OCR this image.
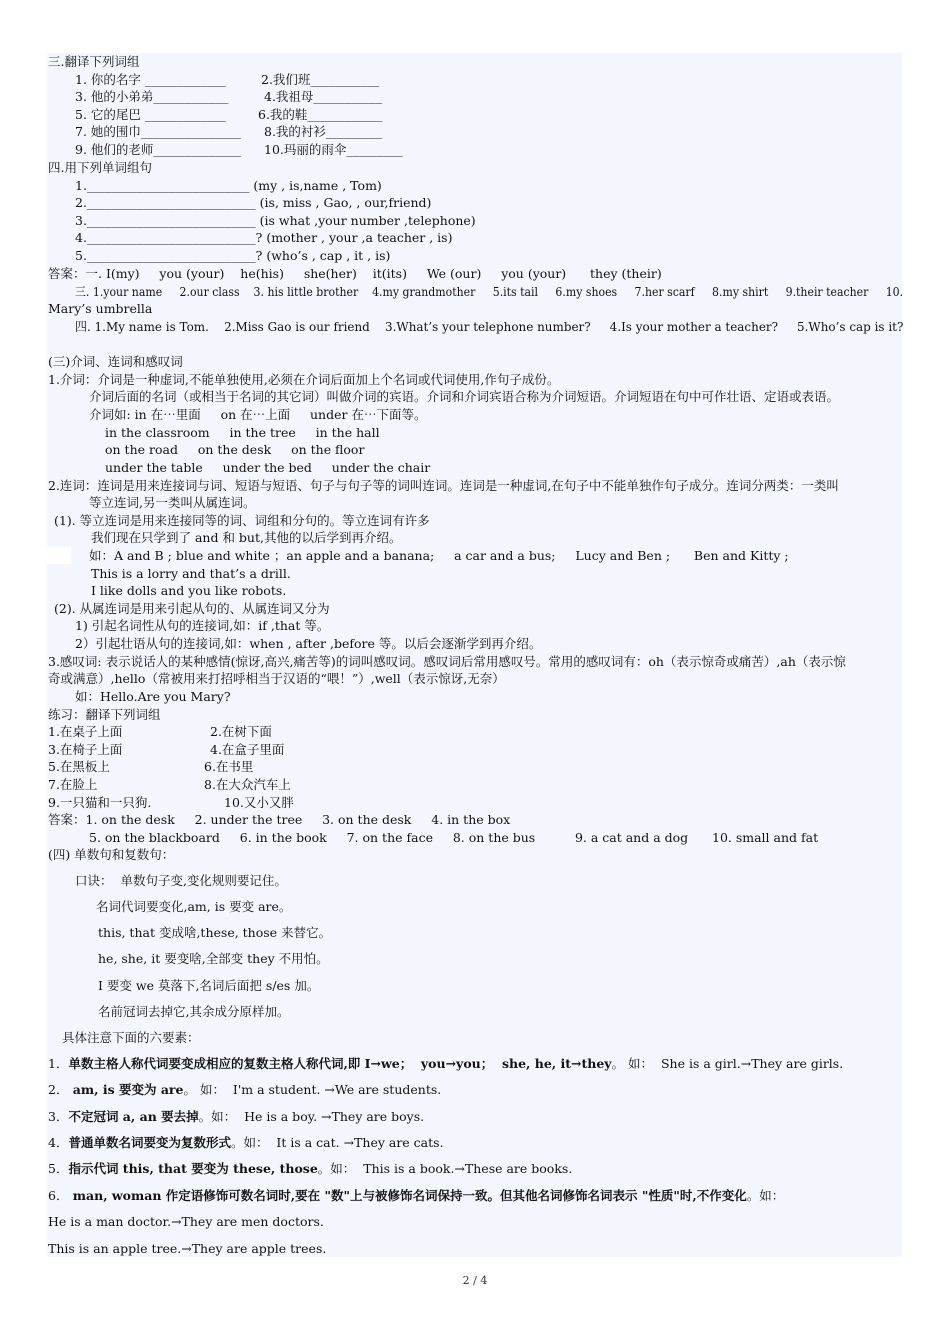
三.翻译下列词组
1. 你的名字 _____________	2.我们班___________
3. 他的小弟弟____________	4.我祖母___________
5. 它的尾巴 _____________	6.我的鞋____________
7. 她的围巾________________ 8.我的衬衫_________
9. 他们的老师______________ 10.玛丽的雨伞_________
四.用下列单词组句
1.__________________________ (my , is,name , Tom)
2.___________________________ (is, miss , Gao, , our,friend)
3.___________________________ (is what ,your number ,telephone)
4.___________________________? (mother , your ,a teacher , is)
5.___________________________? (who’s , cap , it , is)
答案：一. I(my)     you (your)    he(his)     she(her)    it(its)     We (our)     you (your)      they (their)
三. 1.your name     2.our class    3. his little brother    4.my grandmother     5.its tail     6.my shoes     7.her scarf     8.my shirt     9.their teacher     10.
Mary’s umbrella
四. 1.My name is Tom.    2.Miss Gao is our friend    3.What’s your telephone number?     4.Is your mother a teacher?     5.Who’s cap is it?
(三)介词、连词和感叹词
1.介词：介词是一种虚词,不能单独使用,必须在介词后面加上个名词或代词使用,作句子成份。
介词后面的名词（或相当于名词的其它词）叫做介词的宾语。介词和介词宾语合称为介词短语。介词短语在句中可作壮语、定语或表语。
介词如: in 在⋯里面     on 在⋯上面     under 在⋯下面等。
in the classroom     in the tree     in the hall
on the road     on the desk     on the floor
under the table     under the bed     under the chair
2.连词：连词是用来连接词与词、短语与短语、句子与句子等的词叫连词。连词是一种虚词,在句子中不能单独作句子成分。连词分两类：一类叫
等立连词,另一类叫从属连词。
(1). 等立连词是用来连接同等的词、词组和分句的。等立连词有许多
我们现在只学到了 and 和 but,其他的以后学到再介绍。
如：A and B ; blue and white ；an apple and a banana;     a car and a bus;     Lucy and Ben ;      Ben and Kitty ;
This is a lorry and that’s a drill.
I like dolls and you like robots.
(2). 从属连词是用来引起从句的、从属连词又分为
1) 引起名词性从句的连接词,如：if ,that 等。
2）引起壮语从句的连接词,如：when , after ,before 等。以后会逐渐学到再介绍。
3.感叹词: 表示说话人的某种感情(惊讶,高兴,痛苦等)的词叫感叹词。感叹词后常用感叹号。常用的感叹词有：oh（表示惊奇或痛苦）,ah（表示惊
奇或满意）,hello（常被用来打招呼相当于汉语的“喂！”）,well（表示惊讶,无奈）
如：Hello.Are you Mary?
练习：翻译下列词组
1.在桌子上面	2.在树下面
3.在椅子上面	4.在盒子里面
5.在黑板上	6.在书里
7.在脸上	8.在大众汽车上
9.一只猫和一只狗.	10.又小又胖
答案：1. on the desk     2. under the tree     3. on the desk     4. in the box
5. on the blackboard     6. in the book     7. on the face     8. on the bus          9. a cat and a dog      10. small and fat
(四) 单数句和复数句：
口诀：  单数句子变,变化规则要记住。
名词代词要变化,am, is 要变 are。
this, that 变成啥,these, those 来替它。
he, she, it 要变啥,全部变 they 不用怕。
I 要变 we 莫落下,名词后面把 s/es 加。
名前冠词去掉它,其余成分原样加。
具体注意下面的六要素：
1．单数主格人称代词要变成相应的复数主格人称代词,即 I→we；  you→you；  she, he, it→they。 如：  She is a girl.→They are girls.
2． am, is 要变为 are。 如：  I'm a student. →We are students.
3．不定冠词 a, an 要去掉。如：  He is a boy. →They are boys.
4．普通单数名词要变为复数形式。如：  It is a cat. →They are cats.
5．指示代词 this, that 要变为 these, those。如：  This is a book.→These are books.
6． man, woman 作定语修饰可数名词时,要在 "数"上与被修饰名词保持一致。但其他名词修饰名词表示 "性质"时,不作变化。如：
He is a man doctor.→They are men doctors.
This is an apple tree.→They are apple trees.
2 / 4
